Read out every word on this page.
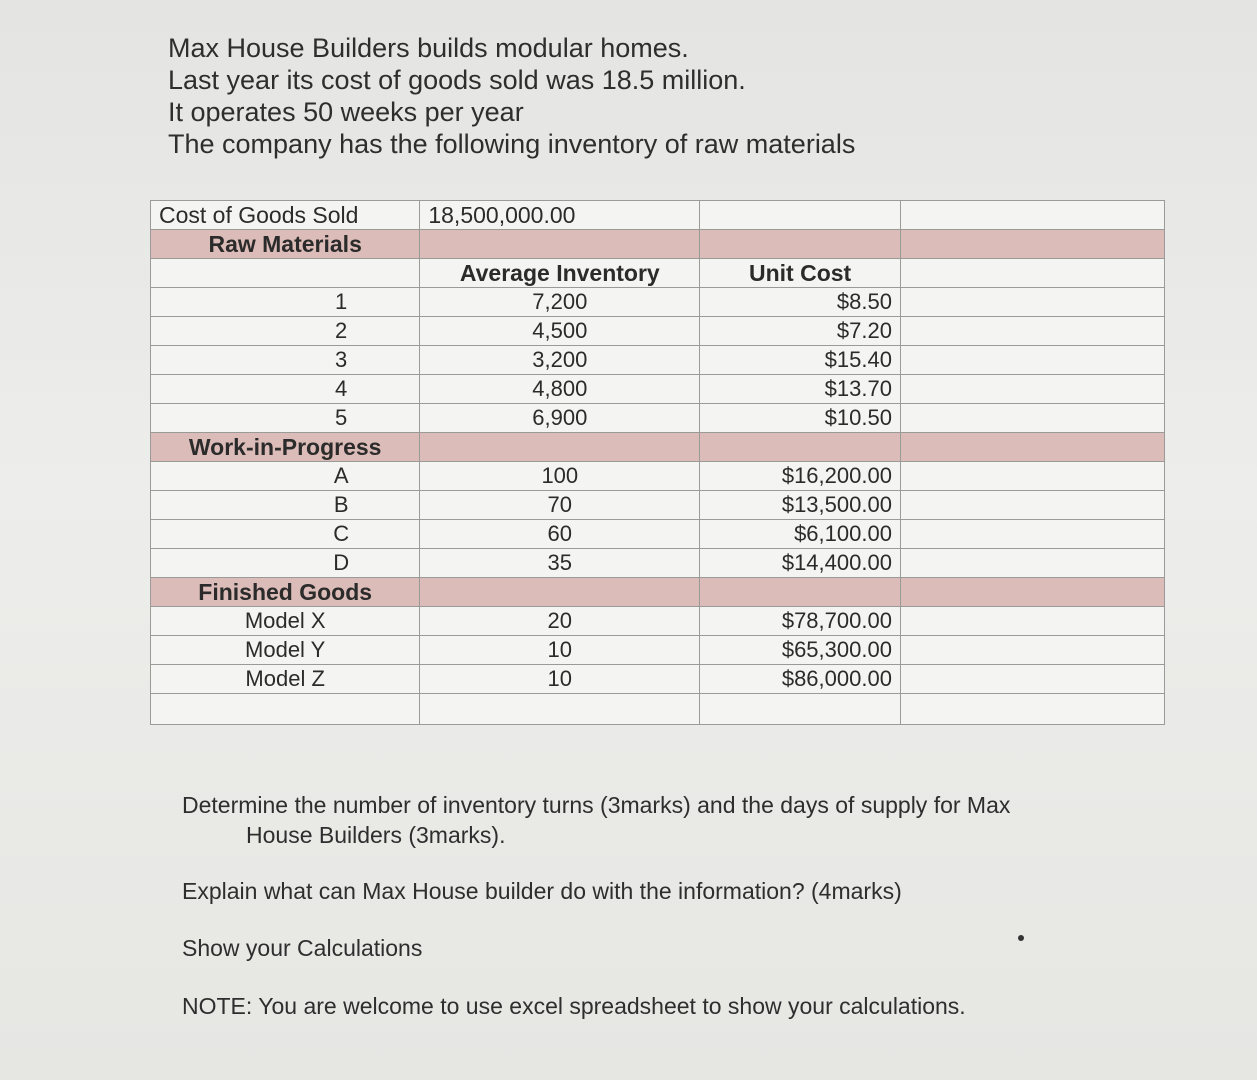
Max House Builders builds modular homes.
Last year its cost of goods sold was 18.5 million.
It operates 50 weeks per year
The company has the following inventory of raw materials
Cost of Goods Sold	18,500,000.00		
Raw Materials			
	Average Inventory	Unit Cost	
1	7,200	$8.50	
2	4,500	$7.20	
3	3,200	$15.40	
4	4,800	$13.70	
5	6,900	$10.50	
Work-in-Progress			
A	100	$16,200.00	
B	70	$13,500.00	
C	60	$6,100.00	
D	35	$14,400.00	
Finished Goods			
Model X	20	$78,700.00	
Model Y	10	$65,300.00	
Model Z	10	$86,000.00	

Determine the number of inventory turns (3marks) and the days of supply for Max
House Builders (3marks).
Explain what can Max House builder do with the information? (4marks)
Show your Calculations
NOTE: You are welcome to use excel spreadsheet to show your calculations.
